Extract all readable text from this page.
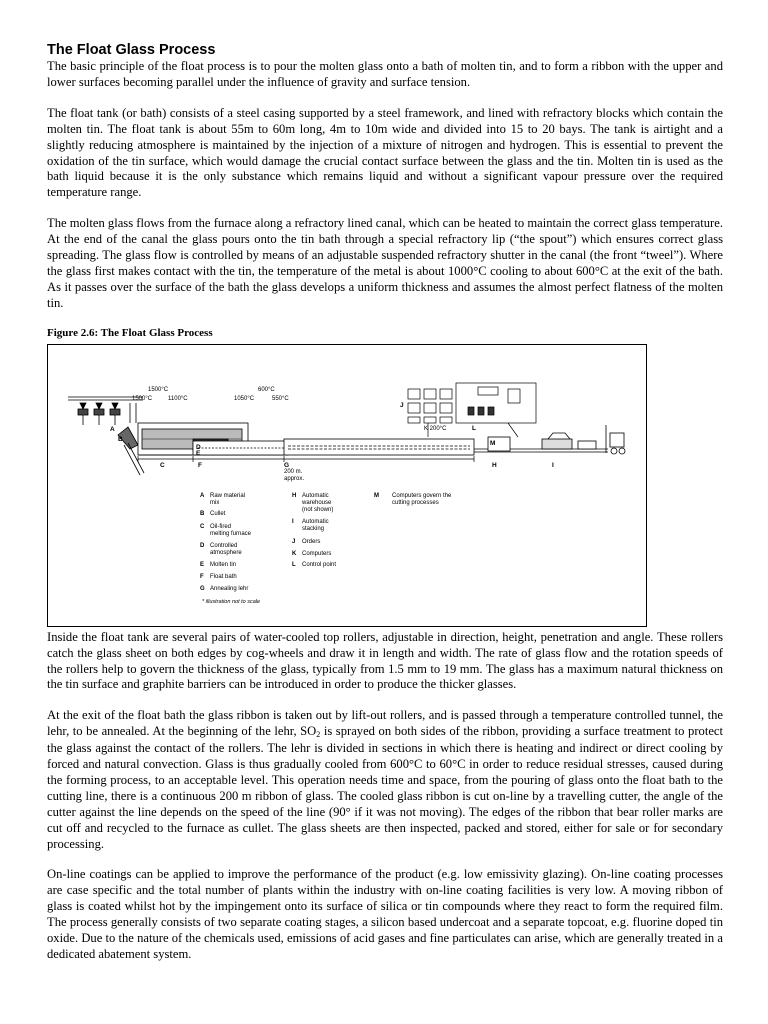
The Float Glass Process

The basic principle of the float process is to pour the molten glass onto a bath of molten tin, and to form a ribbon with the upper and lower surfaces becoming parallel under the influence of gravity and surface tension.

The float tank (or bath) consists of a steel casing supported by a steel framework, and lined with refractory blocks which contain the molten tin. The float tank is about 55m to 60m long, 4m to 10m wide and divided into 15 to 20 bays. The tank is airtight and a slightly reducing atmosphere is maintained by the injection of a mixture of nitrogen and hydrogen. This is essential to prevent the oxidation of the tin surface, which would damage the crucial contact surface between the glass and the tin. Molten tin is used as the bath liquid because it is the only substance which remains liquid and without a significant vapour pressure over the required temperature range.

The molten glass flows from the furnace along a refractory lined canal, which can be heated to maintain the correct glass temperature. At the end of the canal the glass pours onto the tin bath through a special refractory lip (“the spout”) which ensures correct glass spreading. The glass flow is controlled by means of an adjustable suspended refractory shutter in the canal (the front “tweel”). Where the glass first makes contact with the tin, the temperature of the metal is about 1000°C cooling to about 600°C at the exit of the bath. As it passes over the surface of the bath the glass develops a uniform thickness and assumes the almost perfect flatness of the molten tin.

Figure 2.6: The Float Glass Process
1500°C
1500°C	1100°C
600°C
1050°C	550°C
K 200°C
A
B
C
D
E
F	G	H	I
J
L
M
200 m.
approx.
A Raw material
mix
B Cullet
C Oil-fired
melting furnace
D Controlled
atmosphere
E Molten tin
F Float bath
G Annealing lehr
H Automatic
warehouse
(not shown)
I Automatic
stacking
J Orders
K Computers
L Control point
M Computers govern the
cutting processes
* illustration not to scale

Inside the float tank are several pairs of water-cooled top rollers, adjustable in direction, height, penetration and angle. These rollers catch the glass sheet on both edges by cog-wheels and draw it in length and width. The rate of glass flow and the rotation speeds of the rollers help to govern the thickness of the glass, typically from 1.5 mm to 19 mm. The glass has a maximum natural thickness on the tin surface and graphite barriers can be introduced in order to produce the thicker glasses.

At the exit of the float bath the glass ribbon is taken out by lift-out rollers, and is passed through a temperature controlled tunnel, the lehr, to be annealed. At the beginning of the lehr, $SO_2$ is sprayed on both sides of the ribbon, providing a surface treatment to protect the glass against the contact of the rollers. The lehr is divided in sections in which there is heating and indirect or direct cooling by forced and natural convection. Glass is thus gradually cooled from 600°C to 60°C in order to reduce residual stresses, caused during the forming process, to an acceptable level. This operation needs time and space, from the pouring of glass onto the float bath to the cutting line, there is a continuous 200 m ribbon of glass. The cooled glass ribbon is cut on-line by a travelling cutter, the angle of the cutter against the line depends on the speed of the line (90° if it was not moving). The edges of the ribbon that bear roller marks are cut off and recycled to the furnace as cullet. The glass sheets are then inspected, packed and stored, either for sale or for secondary processing.

On-line coatings can be applied to improve the performance of the product (e.g. low emissivity glazing). On-line coating processes are case specific and the total number of plants within the industry with on-line coating facilities is very low. A moving ribbon of glass is coated whilst hot by the impingement onto its surface of silica or tin compounds where they react to form the required film. The process generally consists of two separate coating stages, a silicon based undercoat and a separate topcoat, e.g. fluorine doped tin oxide. Due to the nature of the chemicals used, emissions of acid gases and fine particulates can arise, which are generally treated in a dedicated abatement system.
